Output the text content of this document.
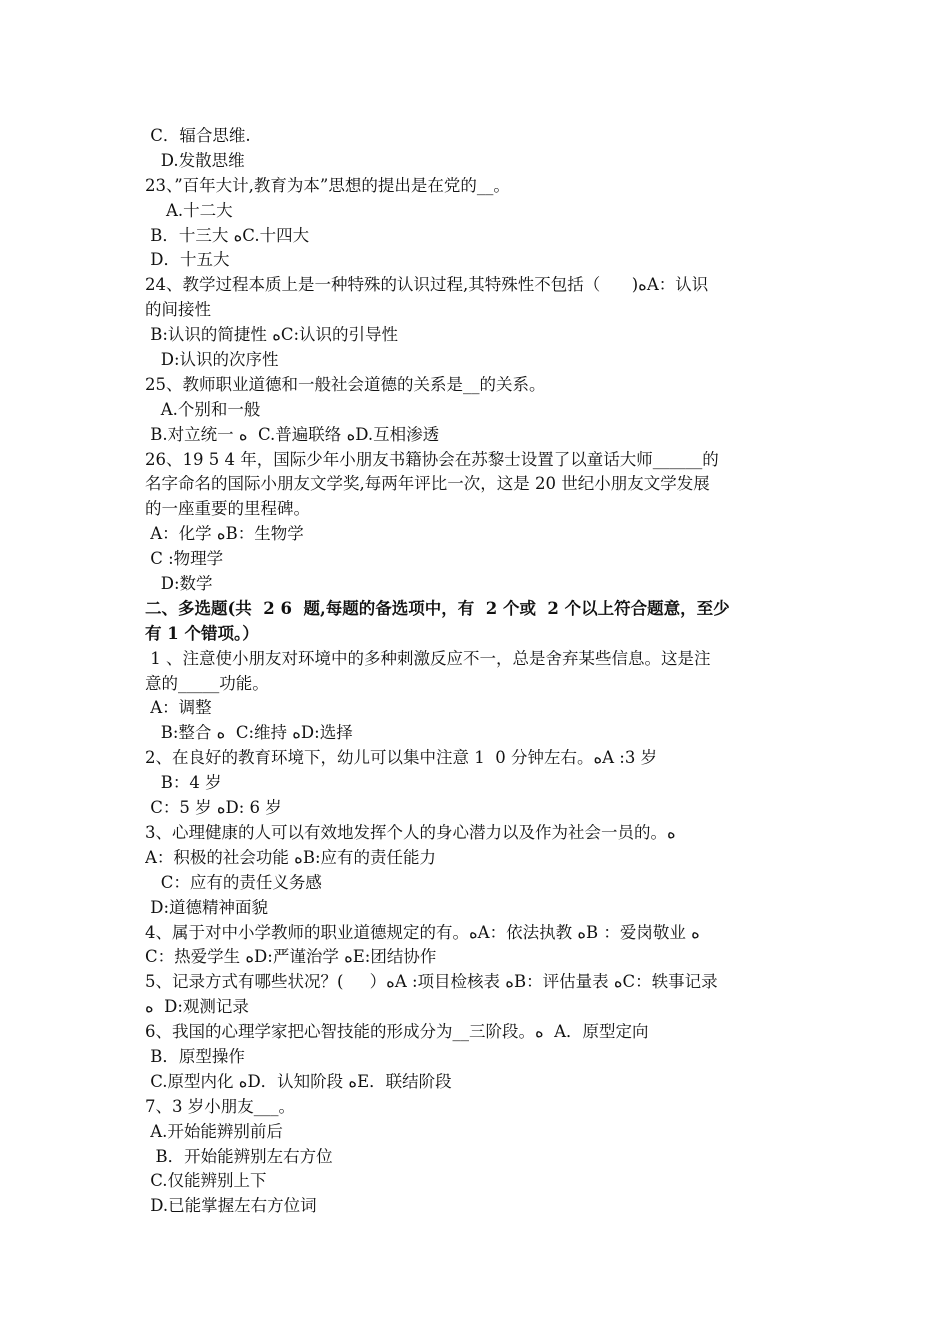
C．辐合思维.
D.发散思维
23、”百年大计,教育为本”思想的提出是在党的__。
A.十二大
B．十三大 ﻩC.十四大
D．十五大
24、教学过程本质上是一种特殊的认识过程,其特殊性不包括（      )ﻩA：认识
的间接性
B:认识的简捷性 ﻩC:认识的引导性
D:认识的次序性
25、教师职业道德和一般社会道德的关系是__的关系。
A.个别和一般
B.对立统一 ﻩ  C.普遍联络 ﻩD.互相渗透
26、19 5 4 年，国际少年小朋友书籍协会在苏黎士设置了以童话大师______的
名字命名的国际小朋友文学奖,每两年评比一次，这是 20 世纪小朋友文学发展
的一座重要的里程碑。
A：化学 ﻩB：生物学
C :物理学
D:数学
二、多选题(共  2 6  题,每题的备选项中，有  2 个或  2 个以上符合题意，至少
有 1 个错项。）
1 、注意使小朋友对环境中的多种刺激反应不一，总是舍弃某些信息。这是注
意的_____功能。
A：调整
B:整合 ﻩ  C:维持 ﻩD:选择
2、在良好的教育环境下，幼儿可以集中注意 1  0 分钟左右。ﻩA :3 岁
B：4 岁
C：5 岁 ﻩD: 6 岁
3、心理健康的人可以有效地发挥个人的身心潜力以及作为社会一员的。ﻩ
A：积极的社会功能 ﻩB:应有的责任能力
C：应有的责任义务感
D:道德精神面貌
4、属于对中小学教师的职业道德规定的有。ﻩA：依法执教 ﻩB ：爱岗敬业 ﻩ
C：热爱学生 ﻩD:严谨治学 ﻩE:团结协作
5、记录方式有哪些状况？(     ）ﻩA :项目检核表 ﻩB：评估量表 ﻩC：轶事记录
ﻩ  D:观测记录
6、我国的心理学家把心智技能的形成分为__三阶段。ﻩ  A．原型定向
B．原型操作
C.原型内化 ﻩD．认知阶段 ﻩE．联结阶段
7、3 岁小朋友___。
A.开始能辨别前后
B．开始能辨别左右方位
C.仅能辨别上下
D.已能掌握左右方位词
